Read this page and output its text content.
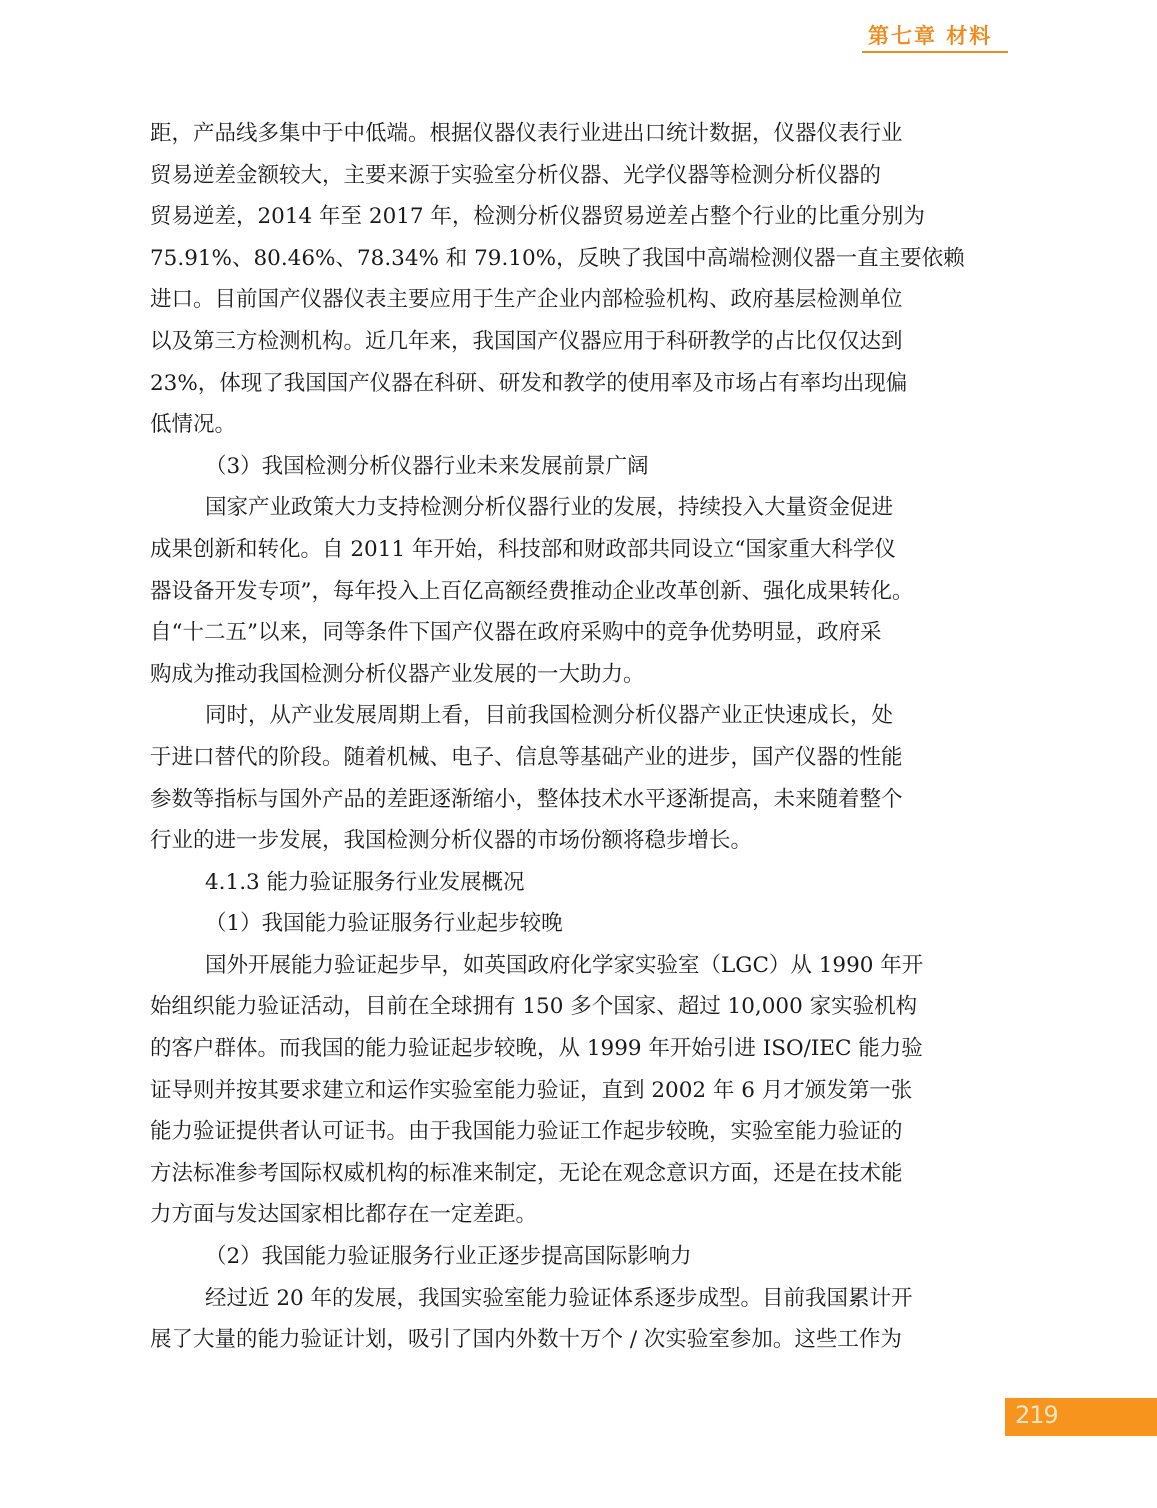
第七章 材料
距，产品线多集中于中低端。根据仪器仪表行业进出口统计数据，仪器仪表行业
贸易逆差金额较大，主要来源于实验室分析仪器、光学仪器等检测分析仪器的
贸易逆差，2014 年至 2017 年，检测分析仪器贸易逆差占整个行业的比重分别为
75.91%、80.46%、78.34% 和 79.10%，反映了我国中高端检测仪器一直主要依赖
进口。目前国产仪器仪表主要应用于生产企业内部检验机构、政府基层检测单位
以及第三方检测机构。近几年来，我国国产仪器应用于科研教学的占比仅仅达到
23%，体现了我国国产仪器在科研、研发和教学的使用率及市场占有率均出现偏
低情况。
（3）我国检测分析仪器行业未来发展前景广阔
国家产业政策大力支持检测分析仪器行业的发展，持续投入大量资金促进
成果创新和转化。自 2011 年开始，科技部和财政部共同设立“国家重大科学仪
器设备开发专项”，每年投入上百亿高额经费推动企业改革创新、强化成果转化。
自“十二五”以来，同等条件下国产仪器在政府采购中的竞争优势明显，政府采
购成为推动我国检测分析仪器产业发展的一大助力。
同时，从产业发展周期上看，目前我国检测分析仪器产业正快速成长，处
于进口替代的阶段。随着机械、电子、信息等基础产业的进步，国产仪器的性能
参数等指标与国外产品的差距逐渐缩小，整体技术水平逐渐提高，未来随着整个
行业的进一步发展，我国检测分析仪器的市场份额将稳步增长。
4.1.3 能力验证服务行业发展概况
（1）我国能力验证服务行业起步较晚
国外开展能力验证起步早，如英国政府化学家实验室（LGC）从 1990 年开
始组织能力验证活动，目前在全球拥有 150 多个国家、超过 10,000 家实验机构
的客户群体。而我国的能力验证起步较晚，从 1999 年开始引进 ISO/IEC 能力验
证导则并按其要求建立和运作实验室能力验证，直到 2002 年 6 月才颁发第一张
能力验证提供者认可证书。由于我国能力验证工作起步较晚，实验室能力验证的
方法标准参考国际权威机构的标准来制定，无论在观念意识方面，还是在技术能
力方面与发达国家相比都存在一定差距。
（2）我国能力验证服务行业正逐步提高国际影响力
经过近 20 年的发展，我国实验室能力验证体系逐步成型。目前我国累计开
展了大量的能力验证计划，吸引了国内外数十万个 / 次实验室参加。这些工作为
219
